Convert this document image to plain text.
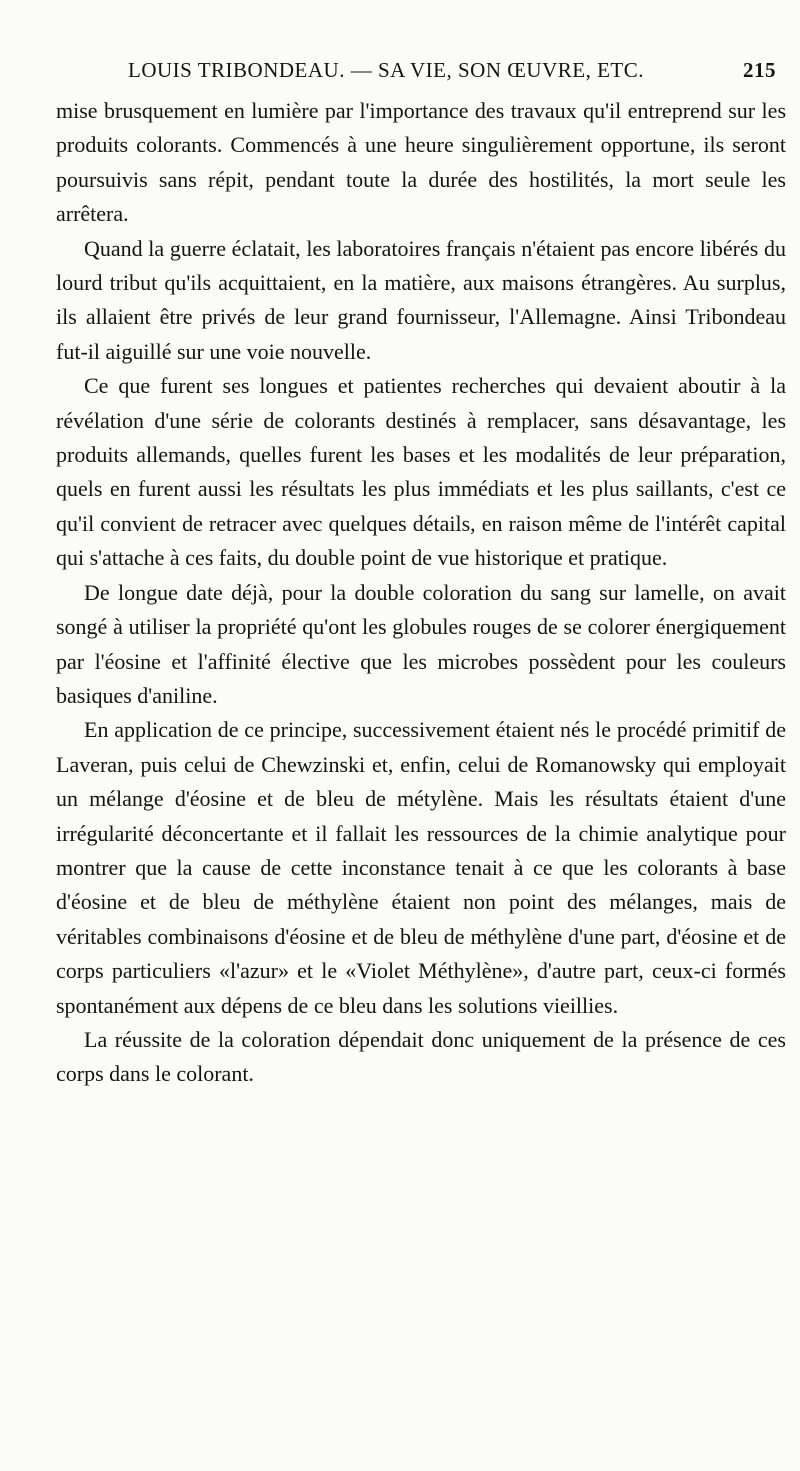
LOUIS TRIBONDEAU. — SA VIE, SON ŒUVRE, ETC.	215

mise brusquement en lumière par l'importance des travaux qu'il entreprend sur les produits colorants. Commencés à une heure singulièrement opportune, ils seront poursuivis sans répit, pendant toute la durée des hostilités, la mort seule les arrêtera.

Quand la guerre éclatait, les laboratoires français n'étaient pas encore libérés du lourd tribut qu'ils acquittaient, en la matière, aux maisons étrangères. Au surplus, ils allaient être privés de leur grand fournisseur, l'Allemagne. Ainsi Tribondeau fut-il aiguillé sur une voie nouvelle.

Ce que furent ses longues et patientes recherches qui devaient aboutir à la révélation d'une série de colorants destinés à remplacer, sans désavantage, les produits allemands, quelles furent les bases et les modalités de leur préparation, quels en furent aussi les résultats les plus immédiats et les plus saillants, c'est ce qu'il convient de retracer avec quelques détails, en raison même de l'intérêt capital qui s'attache à ces faits, du double point de vue historique et pratique.

De longue date déjà, pour la double coloration du sang sur lamelle, on avait songé à utiliser la propriété qu'ont les globules rouges de se colorer énergiquement par l'éosine et l'affinité élective que les microbes possèdent pour les couleurs basiques d'aniline.

En application de ce principe, successivement étaient nés le procédé primitif de Laveran, puis celui de Chewzinski et, enfin, celui de Romanowsky qui employait un mélange d'éosine et de bleu de métylène. Mais les résultats étaient d'une irrégularité déconcertante et il fallait les ressources de la chimie analytique pour montrer que la cause de cette inconstance tenait à ce que les colorants à base d'éosine et de bleu de méthylène étaient non point des mélanges, mais de véritables combinaisons d'éosine et de bleu de méthylène d'une part, d'éosine et de corps particuliers «l'azur» et le «Violet Méthylène», d'autre part, ceux-ci formés spontanément aux dépens de ce bleu dans les solutions vieillies.

La réussite de la coloration dépendait donc uniquement de la présence de ces corps dans le colorant.
